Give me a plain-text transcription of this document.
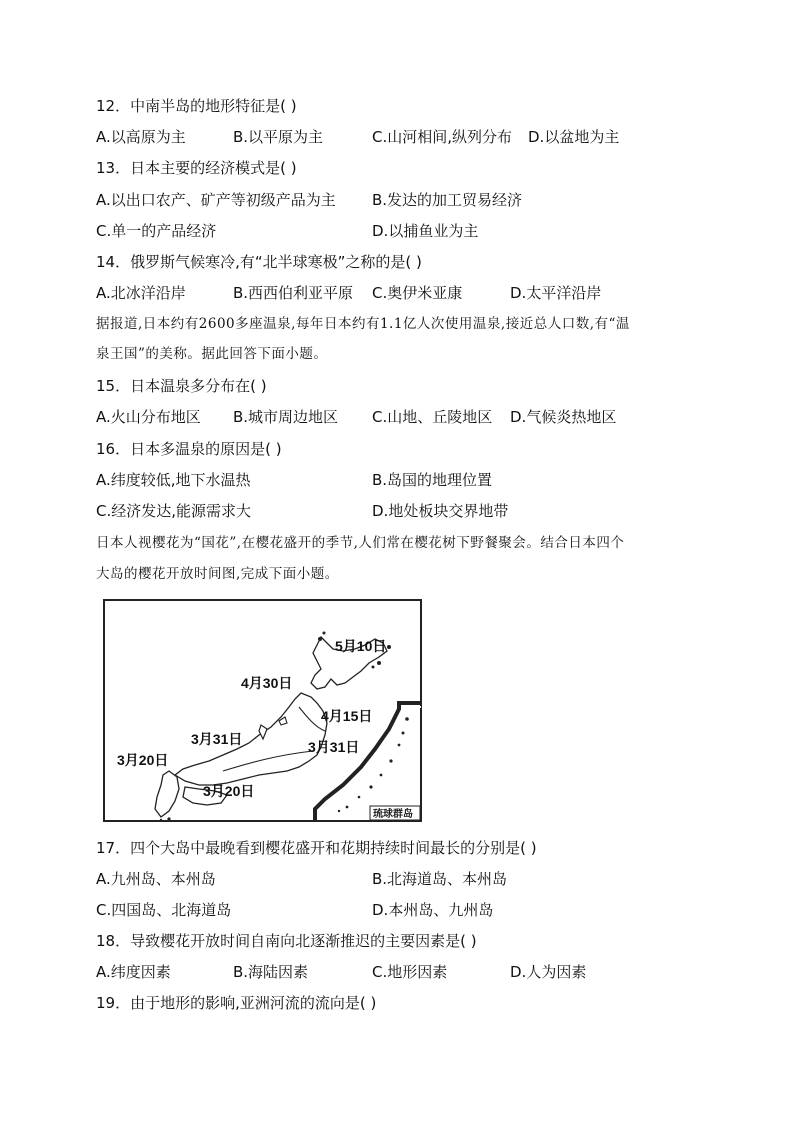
12．中南半岛的地形特征是( )
A.以高原为主	B.以平原为主	C.山河相间,纵列分布 D.以盆地为主
13．日本主要的经济模式是( )
A.以出口农产、矿产等初级产品为主 B.发达的加工贸易经济
C.单一的产品经济	D.以捕鱼业为主
14．俄罗斯气候寒冷,有“北半球寒极”之称的是( )
A.北冰洋沿岸	B.西西伯利亚平原 C.奥伊米亚康	D.太平洋沿岸
据报道,日本约有2600多座温泉,每年日本约有1.1亿人次使用温泉,接近总人口数,有“温
泉王国”的美称。据此回答下面小题。
15．日本温泉多分布在( )
A.火山分布地区 B.城市周边地区 C.山地、丘陵地区 D.气候炎热地区
16．日本多温泉的原因是( )
A.纬度较低,地下水温热	B.岛国的地理位置
C.经济发达,能源需求大	D.地处板块交界地带
日本人视樱花为“国花”,在樱花盛开的季节,人们常在樱花树下野餐聚会。结合日本四个
大岛的樱花开放时间图,完成下面小题。
5月10日
4月30日
4月15日
3月31日	3月31日
3月20日
3月20日
琉球群岛
17．四个大岛中最晚看到樱花盛开和花期持续时间最长的分别是( )
A.九州岛、本州岛	B.北海道岛、本州岛
C.四国岛、北海道岛	D.本州岛、九州岛
18．导致樱花开放时间自南向北逐渐推迟的主要因素是( )
A.纬度因素	B.海陆因素	C.地形因素	D.人为因素
19．由于地形的影响,亚洲河流的流向是( )
